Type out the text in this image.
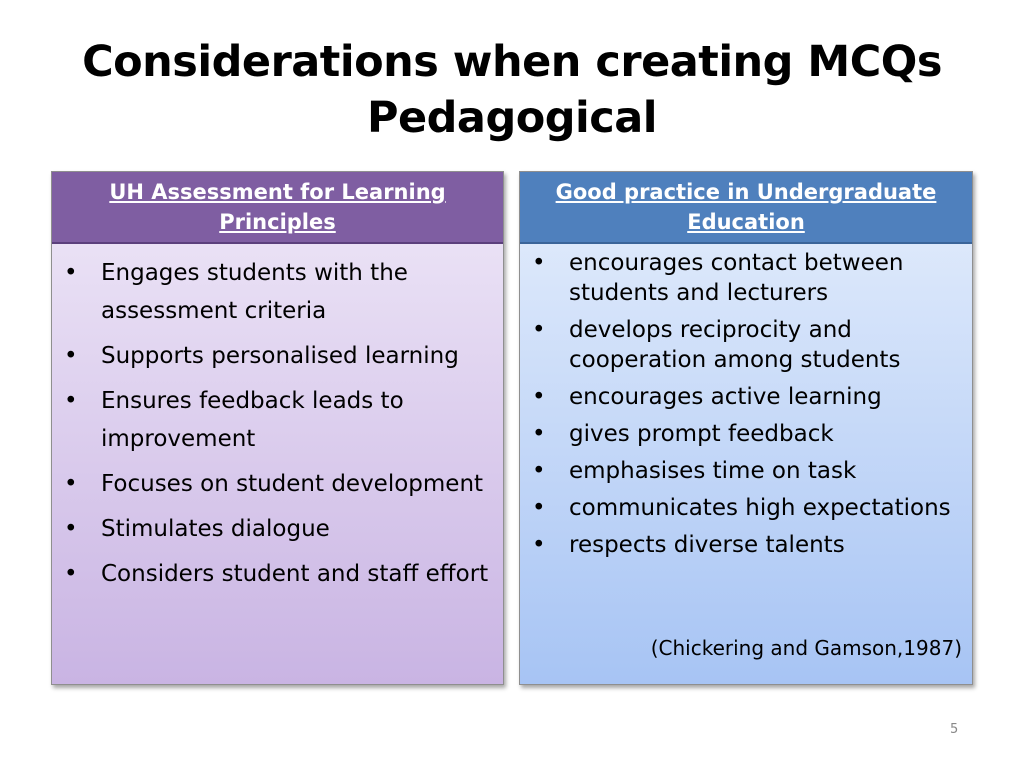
Considerations when creating MCQs
Pedagogical
UH Assessment for Learning
Principles
•	Engages students with the assessment criteria
•	Supports personalised learning
•	Ensures feedback leads to improvement
•	Focuses on student development
•	Stimulates dialogue
•	Considers student and staff effort
Good practice in Undergraduate
Education
•	encourages contact between students and lecturers
•	develops reciprocity and cooperation among students
•	encourages active learning
•	gives prompt feedback
•	emphasises time on task
•	communicates high expectations
•	respects diverse talents
(Chickering and Gamson,1987)
5
